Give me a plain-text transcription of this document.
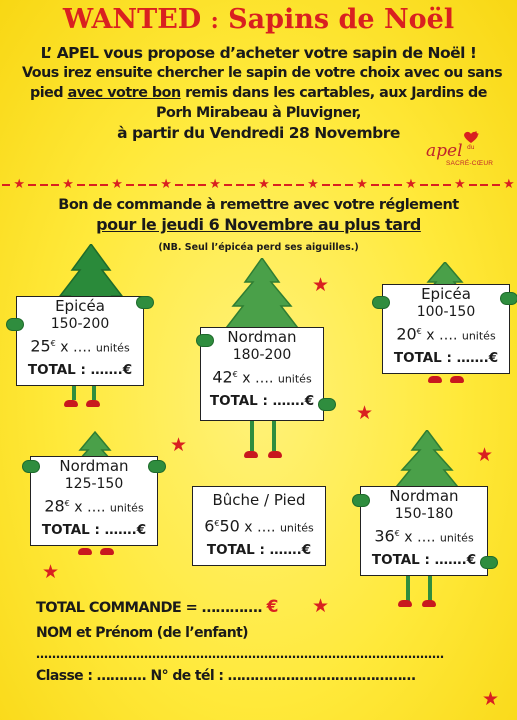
WANTED : Sapins de Noël
L’ APEL vous propose d’acheter votre sapin de Noël !
Vous irez ensuite chercher le sapin de votre choix avec ou sans
pied avec votre bon remis dans les cartables, aux Jardins de
Porh Mirabeau à Pluvigner,
à partir du Vendredi 28 Novembre
apel du
SACRÉ-CŒUR
★	★	★	★	★	★	★	★	★	★	★
Bon de commande à remettre avec votre réglement
pour le jeudi 6 Novembre au plus tard
(NB. Seul l’épicéa perd ses aiguilles.)
Epicéa
150-200
25€ x …. unités
TOTAL : …….€
Nordman
180-200
42€ x …. unités
TOTAL : …….€
Epicéa
100-150
20€ x …. unités
TOTAL : …….€
Nordman
125-150
28€ x …. unités
TOTAL : …….€
Bûche / Pied
6€50 x …. unités
TOTAL : …….€
Nordman
150-180
36€ x …. unités
TOTAL : …….€
★
★
★	★
★
★
★
TOTAL COMMANDE = …………. €
NOM et Prénom (de l’enfant)
…………………………………………………………………………………………
Classe : ……….. N° de tél : ……………………………………
